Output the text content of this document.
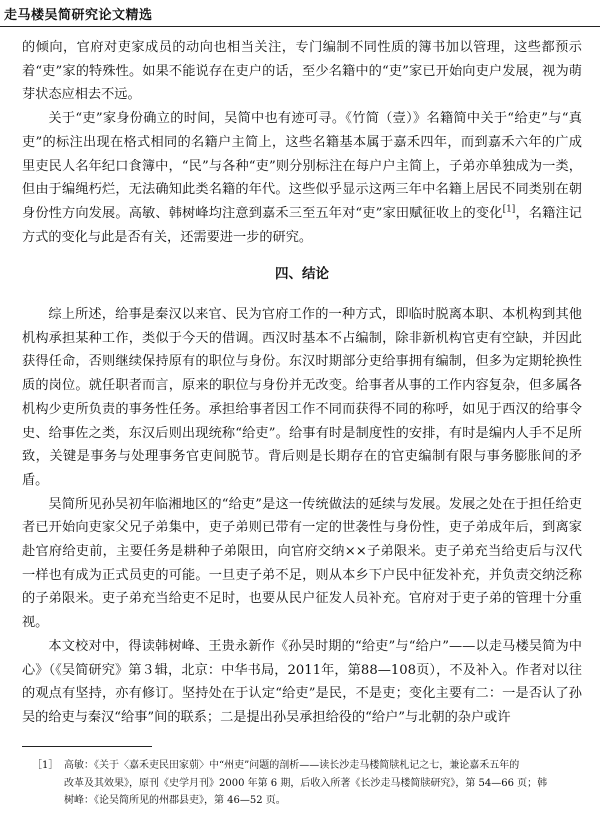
走马楼吴简研究论文精选

的倾向，官府对吏家成员的动向也相当关注，专门编制不同性质的簿书加以管理，这些都预示着“吏”家的特殊性。如果不能说存在吏户的话，至少名籍中的“吏”家已开始向吏户发展，视为萌芽状态应相去不远。

关于“吏”家身份确立的时间，吴简中也有迹可寻。《竹简（壹）》名籍简中关于“给吏”与“真吏”的标注出现在格式相同的名籍户主简上，这些名籍基本属于嘉禾四年，而到嘉禾六年的广成里吏民人名年纪口食簿中，“民”与各种“吏”则分别标注在每户户主简上，子弟亦单独成为一类，但由于编绳朽烂，无法确知此类名籍的年代。这些似乎显示这两三年中名籍上居民不同类别在朝身份性方向发展。高敏、韩树峰均注意到嘉禾三至五年对“吏”家田赋征收上的变化[1]，名籍注记方式的变化与此是否有关，还需要进一步的研究。

四、结论

综上所述，给事是秦汉以来官、民为官府工作的一种方式，即临时脱离本职、本机构到其他机构承担某种工作，类似于今天的借调。西汉时基本不占编制，除非新机构官吏有空缺，并因此获得任命，否则继续保持原有的职位与身份。东汉时期部分吏给事拥有编制，但多为定期轮换性质的岗位。就任职者而言，原来的职位与身份并无改变。给事者从事的工作内容复杂，但多属各机构少吏所负责的事务性任务。承担给事者因工作不同而获得不同的称呼，如见于西汉的给事令史、给事佐之类，东汉后则出现统称“给吏”。给事有时是制度性的安排，有时是编内人手不足所致，关键是事务与处理事务官吏间脱节。背后则是长期存在的官吏编制有限与事务膨胀间的矛盾。

吴简所见孙吴初年临湘地区的“给吏”是这一传统做法的延续与发展。发展之处在于担任给吏者已开始向吏家父兄子弟集中，吏子弟则已带有一定的世袭性与身份性，吏子弟成年后，到离家赴官府给吏前，主要任务是耕种子弟限田，向官府交纳××子弟限米。吏子弟充当给吏后与汉代一样也有成为正式员吏的可能。一旦吏子弟不足，则从本乡下户民中征发补充，并负责交纳泛称的子弟限米。吏子弟充当给吏不足时，也要从民户征发人员补充。官府对于吏子弟的管理十分重视。

本文校对中，得读韩树峰、王贵永新作《孙吴时期的“给吏”与“给户”——以走马楼吴简为中心》（《吴简研究》第３辑，北京：中华书局，2011年，第88—108页），不及补入。作者对以往的观点有坚持，亦有修订。坚持处在于认定“给吏”是民，不是吏；变化主要有二：一是否认了孙吴的给吏与秦汉“给事”间的联系；二是提出孙吴承担给役的“给户”与北朝的杂户或许

［1］ 高敏：《关于〈嘉禾吏民田家莂〉中“州吏”问题的剖析——读长沙走马楼简牍札记之七，兼论嘉禾五年的
改革及其效果》，原刊《史学月刊》2000 年第 6 期，后收入所著《长沙走马楼简牍研究》，第 54—66 页；韩
树峰：《论吴简所见的州郡县吏》，第 46—52 页。
